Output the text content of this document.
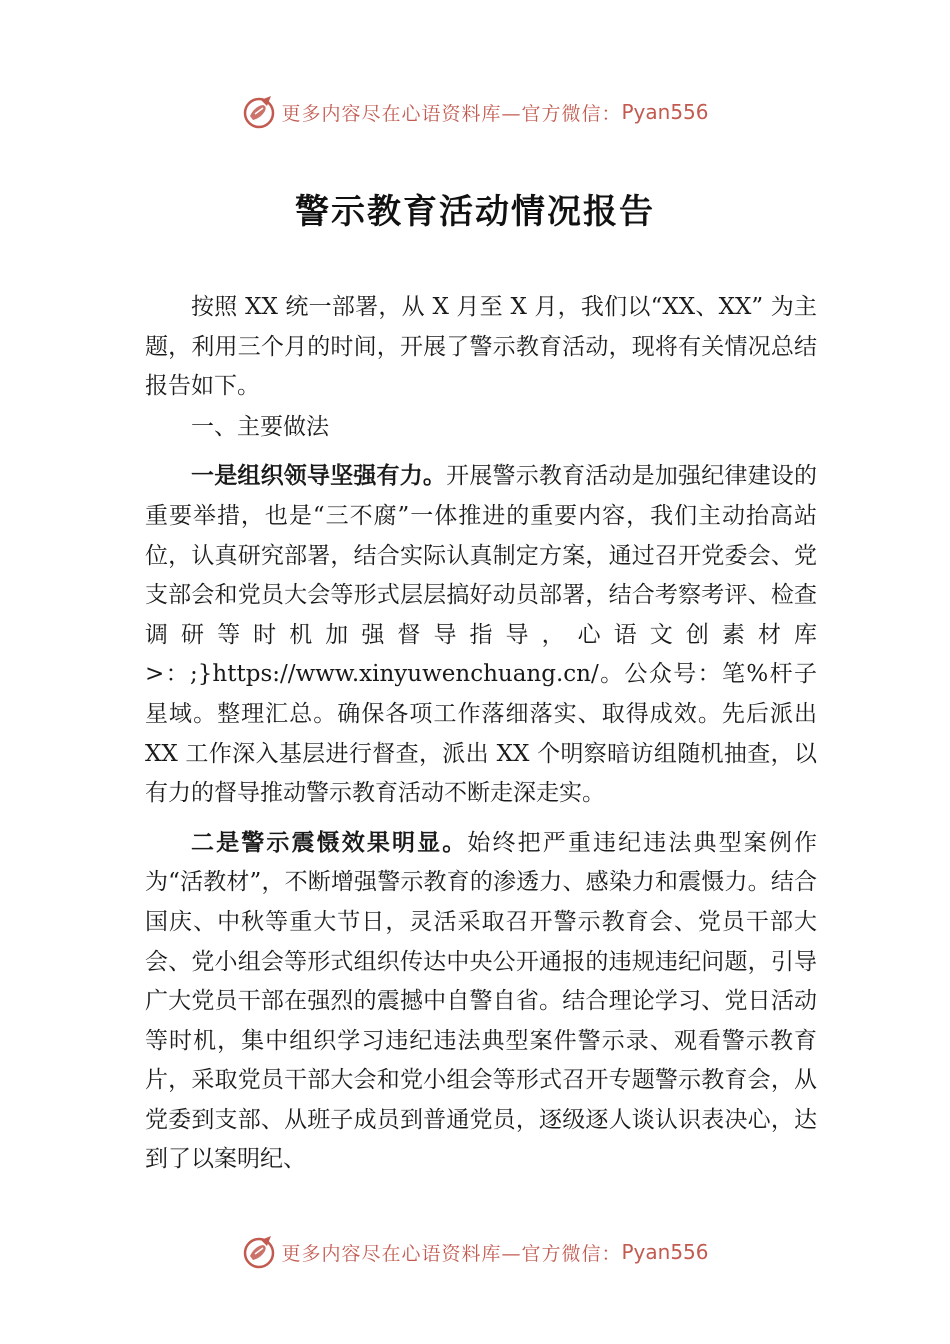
更多内容尽在心语资料库—官方微信： Pyan556
警示教育活动情况报告

按照 XX 统一部署，从 X 月至 X 月，我们以“XX、XX” 为主题，利用三个月的时间，开展了警示教育活动，现将有关情况总结报告如下。

一、主要做法

一是组织领导坚强有力。开展警示教育活动是加强纪律建设的重要举措，也是“三不腐”一体推进的重要内容，我们主动抬高站位，认真研究部署，结合实际认真制定方案，通过召开党委会、党支部会和党员大会等形式层层搞好动员部署，结合考察考评、检查调研等时机加强督导指导，心语文创素材库>：;}https://www.xinyuwenchuang.cn/。公众号：笔%杆子星域。整理汇总。确保各项工作落细落实、取得成效。先后派出 XX 工作深入基层进行督查，派出 XX 个明察暗访组随机抽查，以有力的督导推动警示教育活动不断走深走实。

二是警示震慑效果明显。始终把严重违纪违法典型案例作为“活教材”，不断增强警示教育的渗透力、感染力和震慑力。结合国庆、中秋等重大节日，灵活采取召开警示教育会、党员干部大会、党小组会等形式组织传达中央公开通报的违规违纪问题，引导广大党员干部在强烈的震撼中自警自省。结合理论学习、党日活动等时机，集中组织学习违纪违法典型案件警示录、观看警示教育片，采取党员干部大会和党小组会等形式召开专题警示教育会，从党委到支部、从班子成员到普通党员，逐级逐人谈认识表决心，达到了以案明纪、

更多内容尽在心语资料库—官方微信： Pyan556
